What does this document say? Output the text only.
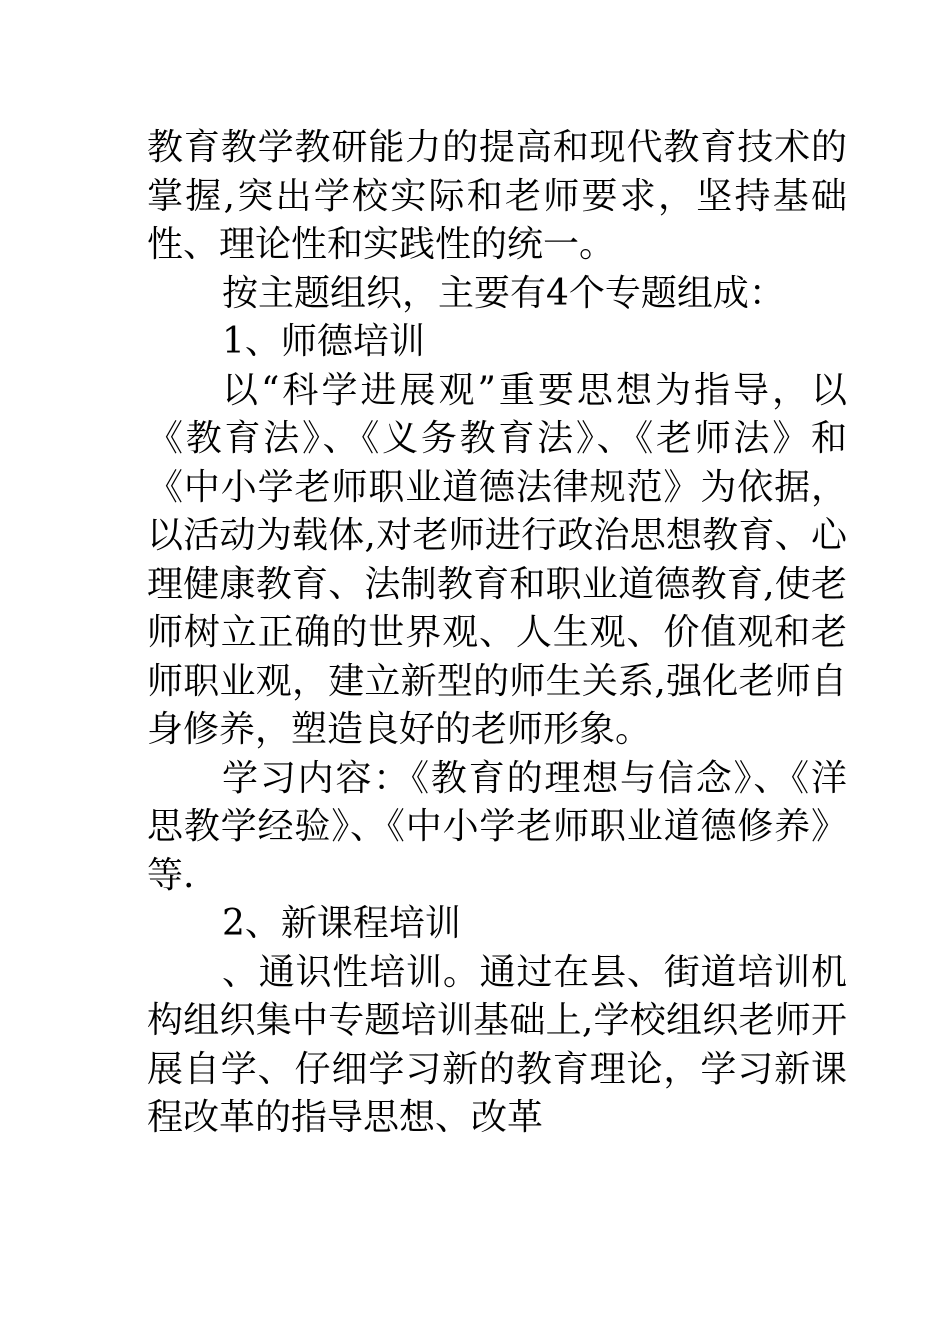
教育教学教研能力的提高和现代教育技术的掌握,突出学校实际和老师要求，坚持基础性、理论性和实践性的统一。

按主题组织，主要有4个专题组成：

1、师德培训

以“科学进展观”重要思想为指导，以《教育法》、《义务教育法》、《老师法》和《中小学老师职业道德法律规范》为依据，以活动为载体,对老师进行政治思想教育、心理健康教育、法制教育和职业道德教育,使老师树立正确的世界观、人生观、价值观和老师职业观，建立新型的师生关系,强化老师自身修养，塑造良好的老师形象。

学习内容：《教育的理想与信念》、《洋思教学经验》、《中小学老师职业道德修养》等.

2、新课程培训

、通识性培训。通过在县、街道培训机构组织集中专题培训基础上,学校组织老师开展自学、仔细学习新的教育理论，学习新课程改革的指导思想、改革
